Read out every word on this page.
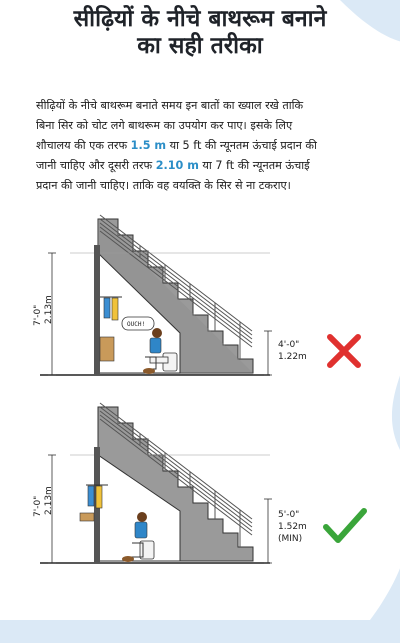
सीढ़ियों के नीचे बाथरूम बनाने
का सही तरीका
सीढ़ियों के नीचे बाथरूम बनाते समय इन बातों का ख्याल रखे ताकि
बिना सिर को चोट लगे बाथरूम का उपयोग कर पाए। इसके लिए
शौचालय की एक तरफ 1.5 m या 5 ft की न्यूनतम ऊंचाई प्रदान की
जानी चाहिए और दूसरी तरफ 2.10 m या 7 ft की न्यूनतम ऊंचाई
प्रदान की जानी चाहिए। ताकि वह वयक्ति के सिर से ना टकराए।
OUCH!
7'-0" 2.13m
4'-0"
1.22m
7'-0" 2.13m	5'-0"
1.52m
(MIN)
